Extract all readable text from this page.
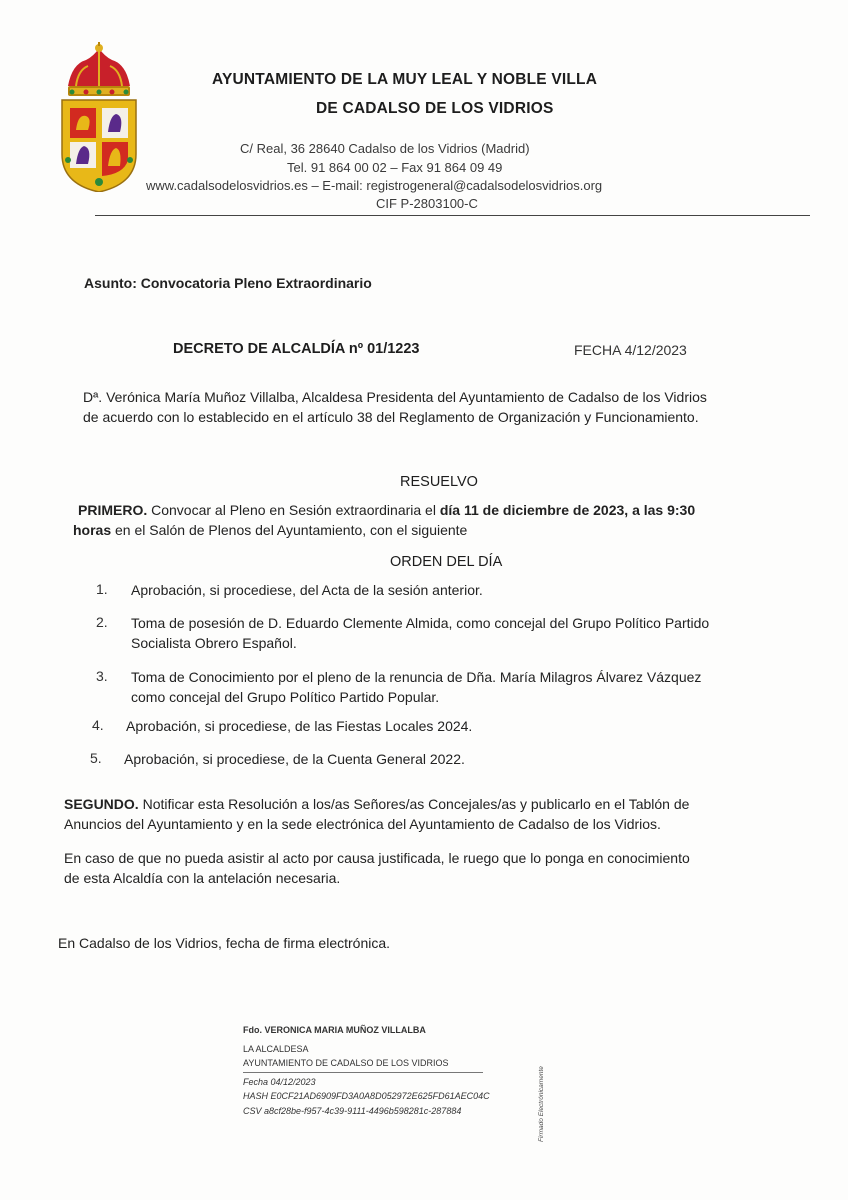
AYUNTAMIENTO DE LA MUY LEAL Y NOBLE VILLA
DE CADALSO DE LOS VIDRIOS
C/ Real, 36 28640 Cadalso de los Vidrios (Madrid)
Tel. 91 864 00 02 – Fax 91 864 09 49
www.cadalsodelosvidrios.es – E-mail: registrogeneral@cadalsodelosvidrios.org
CIF P-2803100-C
Asunto: Convocatoria Pleno Extraordinario
DECRETO DE ALCALDÍA nº 01/1223	FECHA 4/12/2023
Dª. Verónica María Muñoz Villalba, Alcaldesa Presidenta del Ayuntamiento de Cadalso de los Vidrios
de acuerdo con lo establecido en el artículo 38 del Reglamento de Organización y Funcionamiento.
RESUELVO
PRIMERO. Convocar al Pleno en Sesión extraordinaria el día 11 de diciembre de 2023, a las 9:30
horas en el Salón de Plenos del Ayuntamiento, con el siguiente
ORDEN DEL DÍA
1. Aprobación, si procediese, del Acta de la sesión anterior.
2. Toma de posesión de D. Eduardo Clemente Almida, como concejal del Grupo Político Partido
Socialista Obrero Español.
3. Toma de Conocimiento por el pleno de la renuncia de Dña. María Milagros Álvarez Vázquez
como concejal del Grupo Político Partido Popular.
4. Aprobación, si procediese, de las Fiestas Locales 2024.
5. Aprobación, si procediese, de la Cuenta General 2022.
SEGUNDO. Notificar esta Resolución a los/as Señores/as Concejales/as y publicarlo en el Tablón de
Anuncios del Ayuntamiento y en la sede electrónica del Ayuntamiento de Cadalso de los Vidrios.
En caso de que no pueda asistir al acto por causa justificada, le ruego que lo ponga en conocimiento
de esta Alcaldía con la antelación necesaria.
En Cadalso de los Vidrios, fecha de firma electrónica.
Fdo. VERONICA MARIA MUÑOZ VILLALBA
LA ALCALDESA
AYUNTAMIENTO DE CADALSO DE LOS VIDRIOS
Fecha 04/12/2023
HASH E0CF21AD6909FD3A0A8D052972E625FD61AEC04C
CSV a8cf28be-f957-4c39-9111-4496b598281c-287884	Firmado Electrónicamente
